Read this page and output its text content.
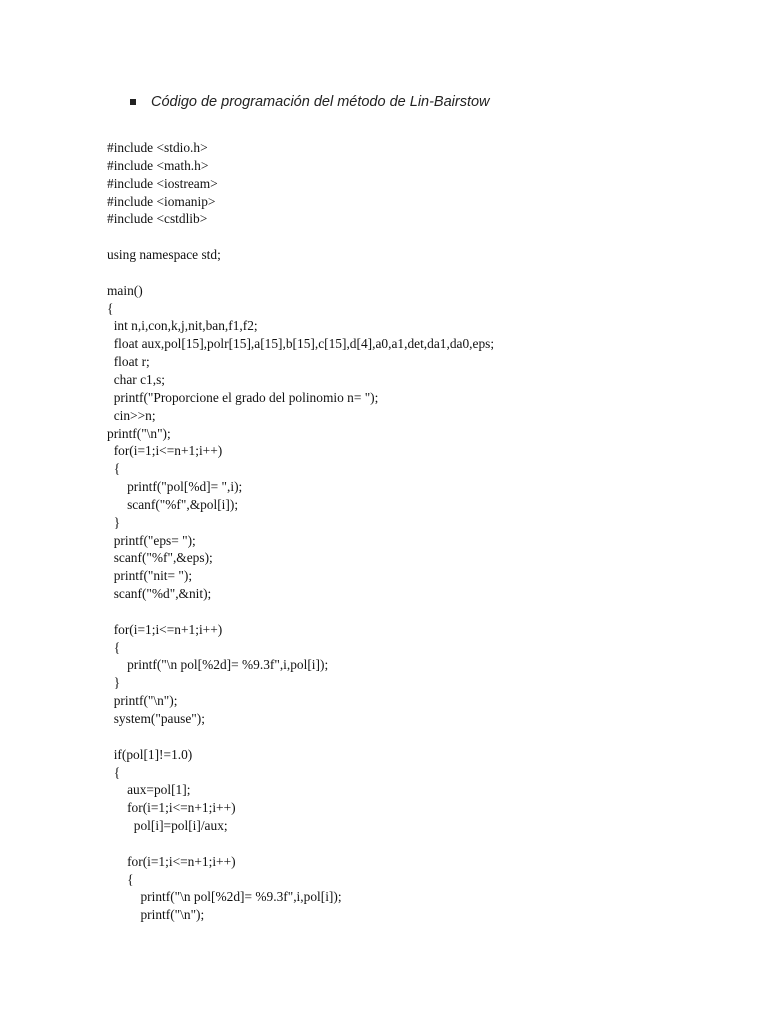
Código de programación del método de Lin-Bairstow
#include <stdio.h>
#include <math.h>
#include <iostream>
#include <iomanip>
#include <cstdlib>
using namespace std;
main()
{
int n,i,con,k,j,nit,ban,f1,f2;
float aux,pol[15],polr[15],a[15],b[15],c[15],d[4],a0,a1,det,da1,da0,eps;
float r;
char c1,s;
printf("Proporcione el grado del polinomio n= ");
cin>>n;
printf("\n");
for(i=1;i<=n+1;i++)
{
printf("pol[%d]= ",i);
scanf("%f",&pol[i]);
}
printf("eps= ");
scanf("%f",&eps);
printf("nit= ");
scanf("%d",&nit);
for(i=1;i<=n+1;i++)
{
printf("\n pol[%2d]= %9.3f",i,pol[i]);
}
printf("\n");
system("pause");
if(pol[1]!=1.0)
{
aux=pol[1];
for(i=1;i<=n+1;i++)
pol[i]=pol[i]/aux;
for(i=1;i<=n+1;i++)
{
printf("\n pol[%2d]= %9.3f",i,pol[i]);
printf("\n");
